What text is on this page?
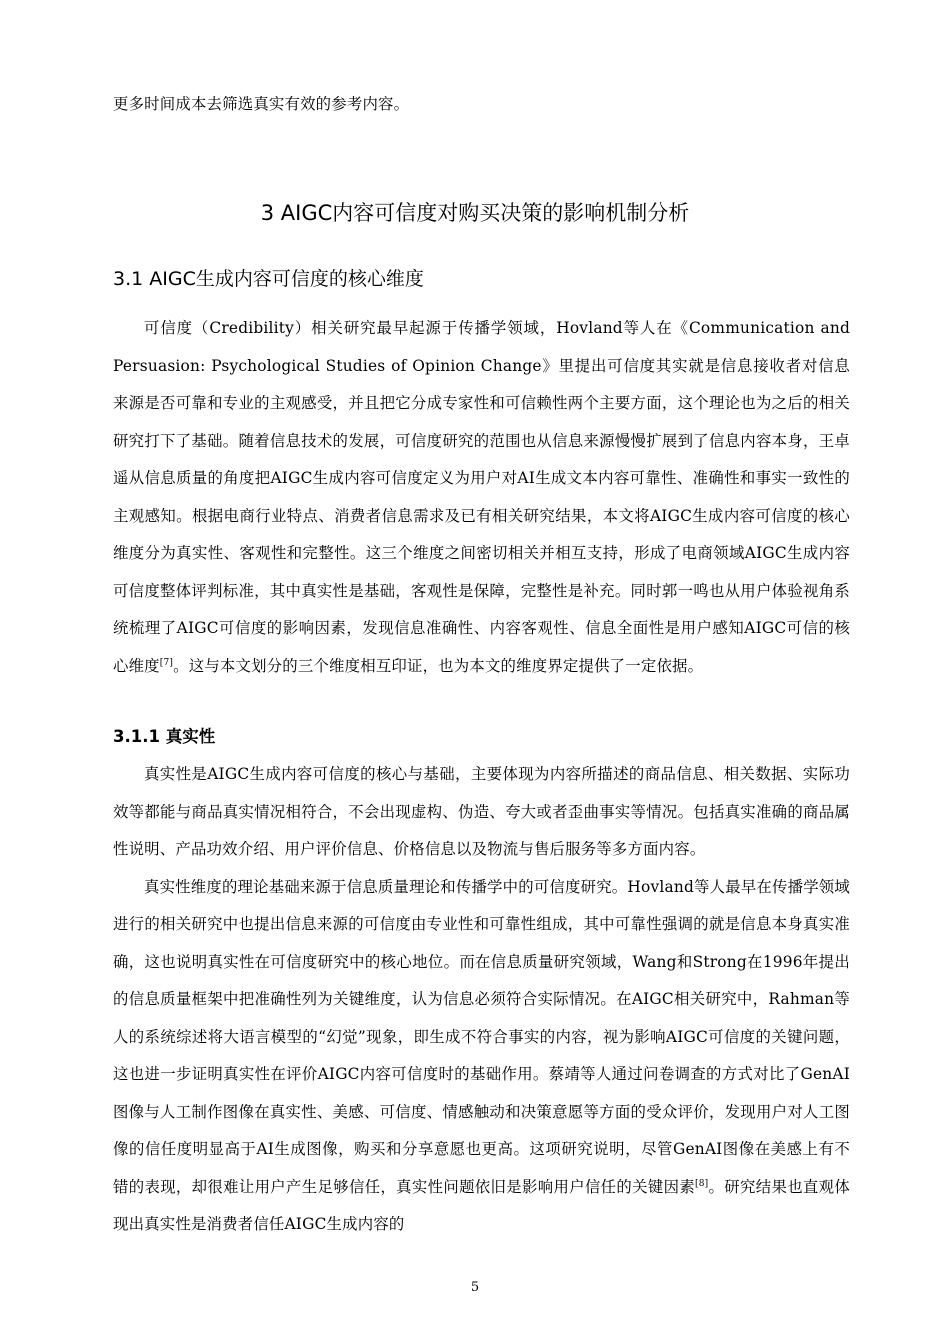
更多时间成本去筛选真实有效的参考内容。

3 AIGC内容可信度对购买决策的影响机制分析
3.1 AIGC生成内容可信度的核心维度

可信度（Credibility）相关研究最早起源于传播学领域，Hovland等人在《Communication and Persuasion: Psychological Studies of Opinion Change》里提出可信度其实就是信息接收者对信息来源是否可靠和专业的主观感受，并且把它分成专家性和可信赖性两个主要方面，这个理论也为之后的相关研究打下了基础。随着信息技术的发展，可信度研究的范围也从信息来源慢慢扩展到了信息内容本身，王卓遥从信息质量的角度把AIGC生成内容可信度定义为用户对AI生成文本内容可靠性、准确性和事实一致性的主观感知。根据电商行业特点、消费者信息需求及已有相关研究结果，本文将AIGC生成内容可信度的核心维度分为真实性、客观性和完整性。这三个维度之间密切相关并相互支持，形成了电商领域AIGC生成内容可信度整体评判标准，其中真实性是基础，客观性是保障，完整性是补充。同时郭一鸣也从用户体验视角系统梳理了AIGC可信度的影响因素，发现信息准确性、内容客观性、信息全面性是用户感知AIGC可信的核心维度[7]。这与本文划分的三个维度相互印证，也为本文的维度界定提供了一定依据。

3.1.1 真实性

真实性是AIGC生成内容可信度的核心与基础，主要体现为内容所描述的商品信息、相关数据、实际功效等都能与商品真实情况相符合，不会出现虚构、伪造、夸大或者歪曲事实等情况。包括真实准确的商品属性说明、产品功效介绍、用户评价信息、价格信息以及物流与售后服务等多方面内容。

真实性维度的理论基础来源于信息质量理论和传播学中的可信度研究。Hovland等人最早在传播学领域进行的相关研究中也提出信息来源的可信度由专业性和可靠性组成，其中可靠性强调的就是信息本身真实准确，这也说明真实性在可信度研究中的核心地位。而在信息质量研究领域，Wang和Strong在1996年提出的信息质量框架中把准确性列为关键维度，认为信息必须符合实际情况。在AIGC相关研究中，Rahman等人的系统综述将大语言模型的“幻觉”现象，即生成不符合事实的内容，视为影响AIGC可信度的关键问题，这也进一步证明真实性在评价AIGC内容可信度时的基础作用。蔡靖等人通过问卷调查的方式对比了GenAI图像与人工制作图像在真实性、美感、可信度、情感触动和决策意愿等方面的受众评价，发现用户对人工图像的信任度明显高于AI生成图像，购买和分享意愿也更高。这项研究说明，尽管GenAI图像在美感上有不错的表现，却很难让用户产生足够信任，真实性问题依旧是影响用户信任的关键因素[8]。研究结果也直观体现出真实性是消费者信任AIGC生成内容的

5
